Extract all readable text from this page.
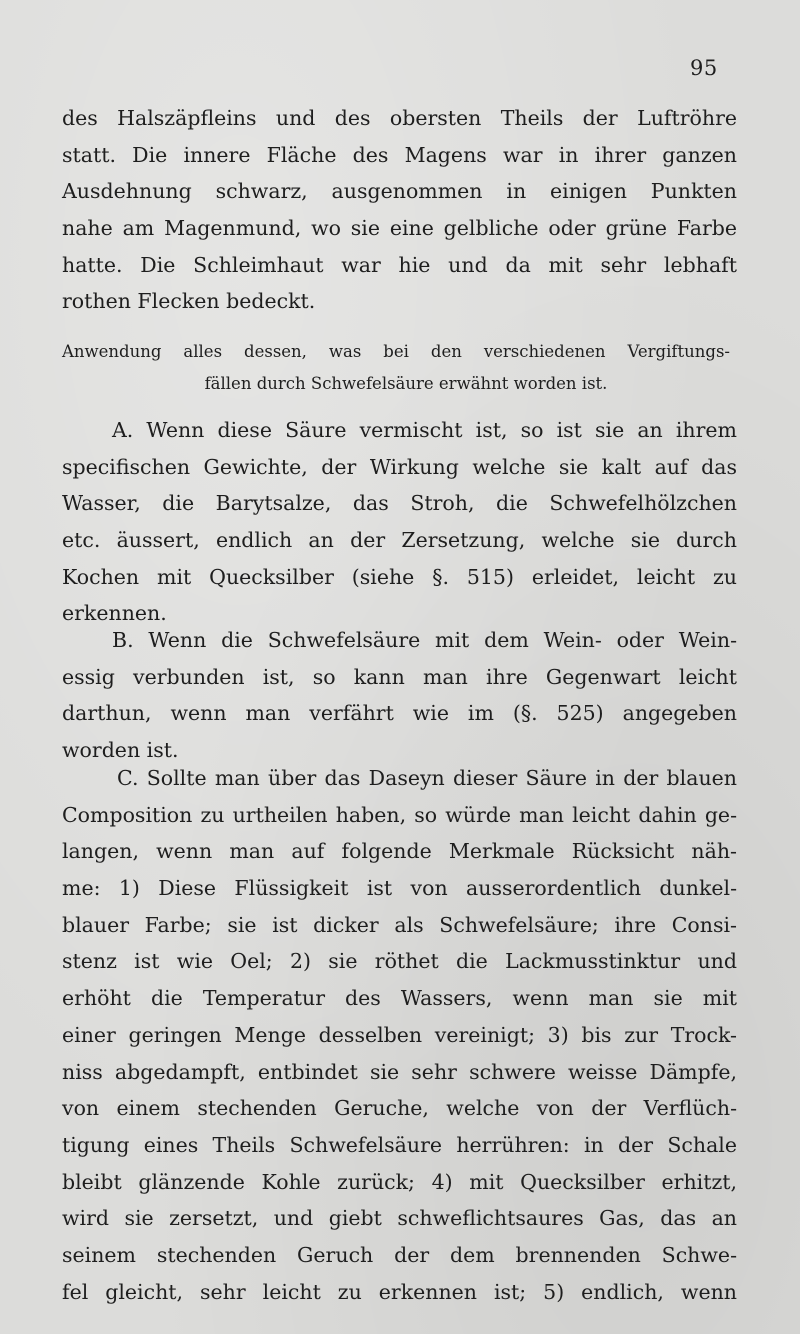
95
des Halszäpfleins und des obersten Theils der Luftröhre
statt. Die innere Fläche des Magens war in ihrer ganzen
Ausdehnung schwarz, ausgenommen in einigen Punkten
nahe am Magenmund, wo sie eine gelbliche oder grüne Farbe
hatte. Die Schleimhaut war hie und da mit sehr lebhaft
rothen Flecken bedeckt.
Anwendung alles dessen, was bei den verschiedenen Vergiftungs-
fällen durch Schwefelsäure erwähnt worden ist.
A. Wenn diese Säure vermischt ist, so ist sie an ihrem
specifischen Gewichte, der Wirkung welche sie kalt auf das
Wasser, die Barytsalze, das Stroh, die Schwefelhölzchen
etc. äussert, endlich an der Zersetzung, welche sie durch
Kochen mit Quecksilber (siehe §. 515) erleidet, leicht zu
erkennen.
B. Wenn die Schwefelsäure mit dem Wein- oder Wein-
essig verbunden ist, so kann man ihre Gegenwart leicht
darthun, wenn man verfährt wie im (§. 525) angegeben
worden ist.
C. Sollte man über das Daseyn dieser Säure in der blauen
Composition zu urtheilen haben, so würde man leicht dahin ge-
langen, wenn man auf folgende Merkmale Rücksicht näh-
me: 1) Diese Flüssigkeit ist von ausserordentlich dunkel-
blauer Farbe; sie ist dicker als Schwefelsäure; ihre Consi-
stenz ist wie Oel; 2) sie röthet die Lackmusstinktur und
erhöht die Temperatur des Wassers, wenn man sie mit
einer geringen Menge desselben vereinigt; 3) bis zur Trock-
niss abgedampft, entbindet sie sehr schwere weisse Dämpfe,
von einem stechenden Geruche, welche von der Verflüch-
tigung eines Theils Schwefelsäure herrühren: in der Schale
bleibt glänzende Kohle zurück; 4) mit Quecksilber erhitzt,
wird sie zersetzt, und giebt schweflichtsaures Gas, das an
seinem stechenden Geruch der dem brennenden Schwe-
fel gleicht, sehr leicht zu erkennen ist; 5) endlich, wenn
